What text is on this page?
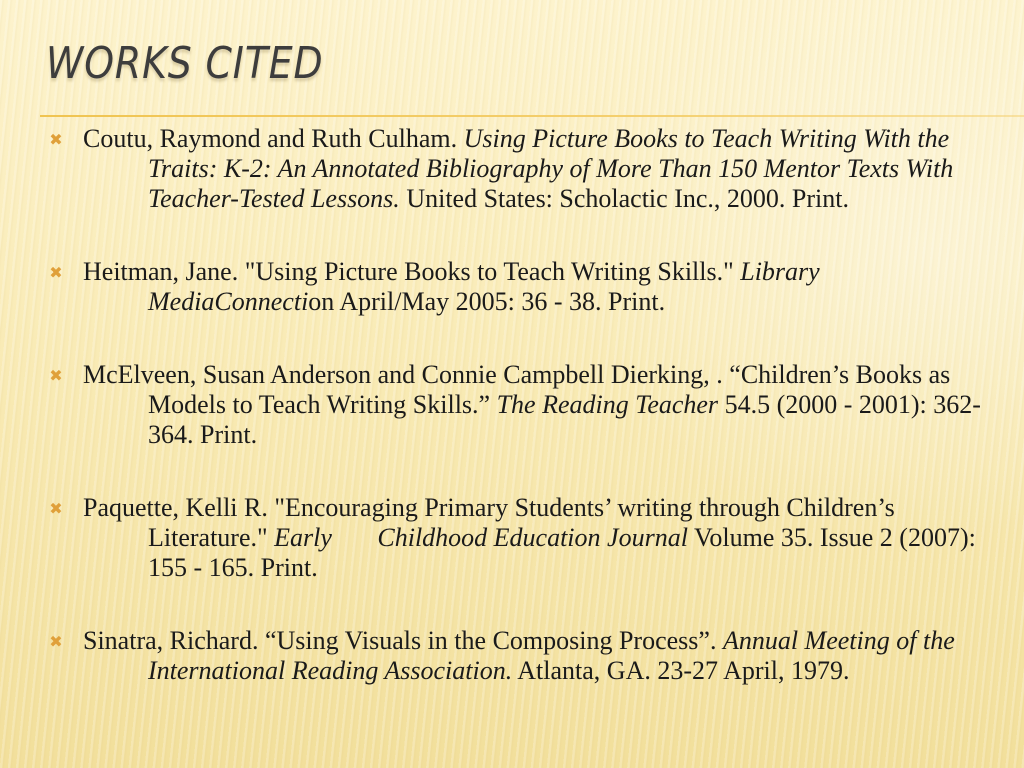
WORKS CITED
✖ Coutu, Raymond and Ruth Culham. Using Picture Books to Teach Writing With the Traits: K-2: An Annotated Bibliography of More Than 150 Mentor Texts With Teacher-Tested Lessons. United States: Scholactic Inc., 2000. Print.
✖ Heitman, Jane. "Using Picture Books to Teach Writing Skills." Library MediaConnection April/May 2005: 36 - 38. Print.
✖ McElveen, Susan Anderson and Connie Campbell Dierking, . “Children’s Books as Models to Teach Writing Skills.” The Reading Teacher 54.5 (2000 - 2001): 362-364. Print.
✖ Paquette, Kelli R. "Encouraging Primary Students’ writing through Children’s Literature." Early       Childhood Education Journal Volume 35. Issue 2 (2007): 155 - 165. Print.
✖ Sinatra, Richard. “Using Visuals in the Composing Process”. Annual Meeting of the International Reading Association. Atlanta, GA. 23-27 April, 1979.
